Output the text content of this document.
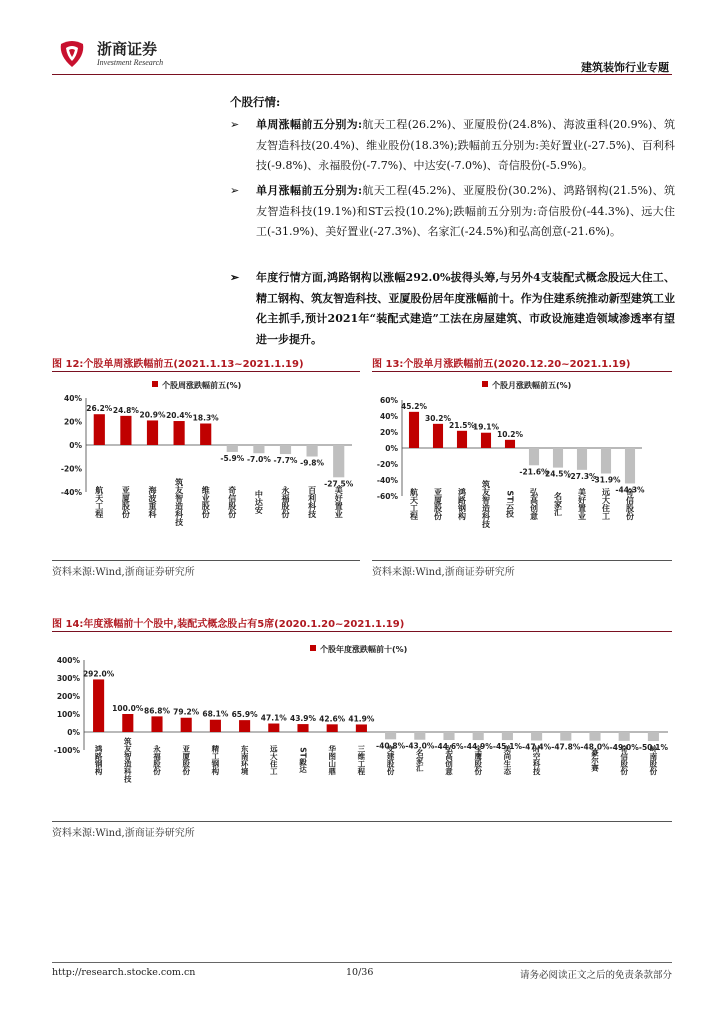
浙商证券
Investment Research	建筑装饰行业专题
个股行情:
➢ 单周涨幅前五分别为:航天工程(26.2%)、亚厦股份(24.8%)、海波重科(20.9%)、筑友智造科技(20.4%)、维业股份(18.3%);跌幅前五分别为:美好置业(-27.5%)、百利科技(-9.8%)、永福股份(-7.7%)、中达安(-7.0%)、奇信股份(-5.9%)。
➢ 单月涨幅前五分别为:航天工程(45.2%)、亚厦股份(30.2%)、鸿路钢构(21.5%)、筑友智造科技(19.1%)和ST云投(10.2%);跌幅前五分别为:奇信股份(-44.3%)、远大住工(-31.9%)、美好置业(-27.3%)、名家汇(-24.5%)和弘高创意(-21.6%)。
➢ 年度行情方面,鸿路钢构以涨幅292.0%拔得头筹,与另外4支装配式概念股远大住工、精工钢构、筑友智造科技、亚厦股份居年度涨幅前十。作为住建系统推动新型建筑工业化主抓手,预计2021年“装配式建造”工法在房屋建筑、市政设施建造领域渗透率有望进一步提升。
图 12:个股单周涨跌幅前五(2021.1.13~2021.1.19)
个股周涨跌幅前五(%)
40%
20%
0%
-20%
-40%
26.2%
航天工程
24.8%
亚厦股份
20.9%
海波重科
20.4%
筑友智造科技
18.3%
维业股份
-5.9%
奇信股份
-7.0%
中达安
-7.7%
永福股份
-9.8%
百利科技
-27.5%
美好置业
资料来源:Wind,浙商证券研究所
图 13:个股单月涨跌幅前五(2020.12.20~2021.1.19)
个股月涨跌幅前五(%)
60%
40%
20%
0%
-20%
-40%
-60%
45.2%
航天工程
30.2%
亚厦股份
21.5%
鸿路钢构
19.1%
筑友智造科技
10.2%
ST云投
-21.6%
弘高创意
24.5%
名家汇
-27.3%
美好置业
-31.9%
远大住工 -44.3%
奇信股份
资料来源:Wind,浙商证券研究所
图 14:年度涨幅前十个股中,装配式概念股占有5席(2020.1.20~2021.1.19)
个股年度涨跌幅前十(%)
400%
300%
200%
100%
0%
-100%
292.0%
鸿路钢构
100.0%
筑友智造科技
86.8%
永福股份
79.2%
亚厦股份
68.1%
精工钢构
65.9%
东南环境
47.1%
远大住工
43.9%
ST毅达
42.6%
华图山鼎
41.9%
三维工程 -40.8%
交建股份 -43.0%
名家汇
-44.6%
弘高创意 -44.9%
宝鹰股份 -45.1%
美尚生态 -47.4%
时空科技 -47.8% -48.0%
豪尔赛
-49.0%
奇信股份 -50.1%
岭南股份
资料来源:Wind,浙商证券研究所
http://research.stocke.com.cn	10/36	请务必阅读正文之后的免责条款部分
